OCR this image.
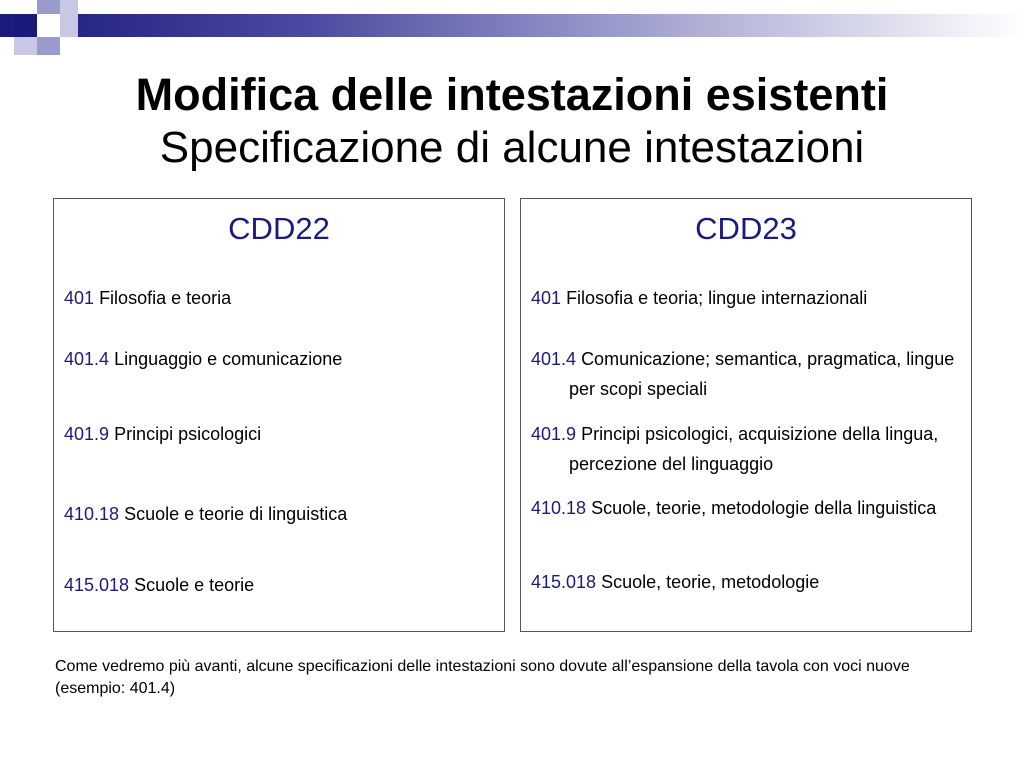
Modifica delle intestazioni esistenti
Specificazione di alcune intestazioni
CDD22
401 Filosofia e teoria
401.4 Linguaggio e comunicazione
401.9 Principi psicologici
410.18 Scuole e teorie di linguistica
415.018 Scuole e teorie
CDD23
401 Filosofia e teoria; lingue internazionali
401.4 Comunicazione; semantica, pragmatica, lingue per scopi speciali
401.9 Principi psicologici, acquisizione della lingua, percezione del linguaggio
410.18 Scuole, teorie, metodologie della linguistica
415.018 Scuole, teorie, metodologie
Come vedremo più avanti, alcune specificazioni delle intestazioni sono dovute all’espansione della tavola con voci nuove (esempio: 401.4)
